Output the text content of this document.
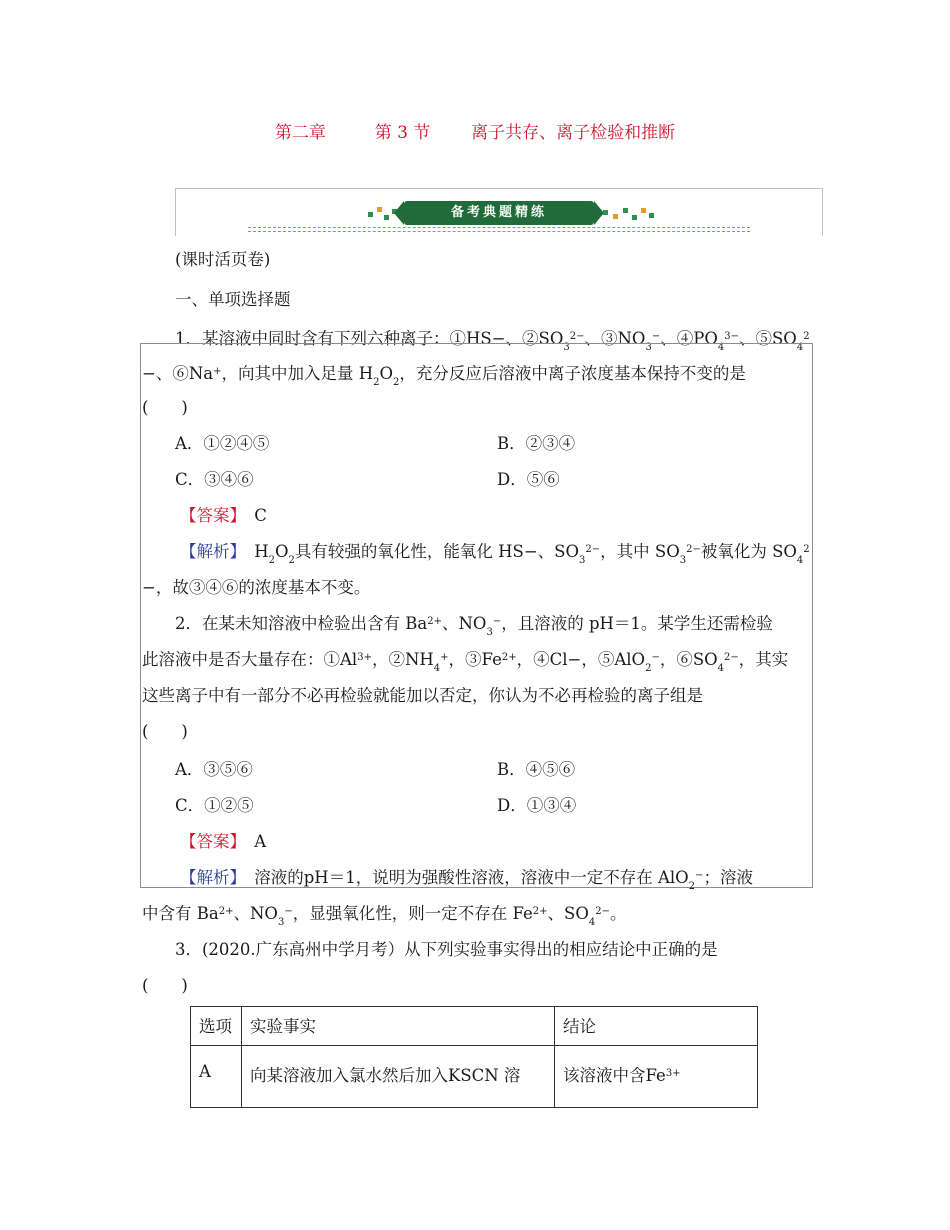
第二章	第 3 节 离子共存、离子检验和推断
备考典题精练
(课时活页卷)
一、单项选择题
1．某溶液中同时含有下列六种离子：①HS−、$②SO_3^{2-}$、$③NO_3^-$、$④PO_4^{3-}$、$⑤SO_4^2$
−、⑥Na+，向其中加入足量 $H_2O_2$，充分反应后溶液中离子浓度基本保持不变的是
(　　)
A．①②④⑤	B．②③④
C．③④⑥	D．⑤⑥
【答案】　 C
【解析】　 $H_2O_2$具有较强的氧化性，能氧化 HS−、$SO_3^{2-}$，其中 $SO_3^{2-}$被氧化为 $SO_4^2$
−，故③④⑥的浓度基本不变。
2．在某未知溶液中检验出含有 $Ba^{2+}$、$NO_3^-$，且溶液的 pH＝1。某学生还需检验
此溶液中是否大量存在：$①Al^{3+}$，$②NH_4^+$，$③Fe^{2+}$，④Cl−，⑤AlO$_2$−，$⑥SO_4^{2-}$，其实
这些离子中有一部分不必再检验就能加以否定，你认为不必再检验的离子组是
(　　)
A．③⑤⑥	B．④⑤⑥
C．①②⑤	D．①③④
【答案】　 A
【解析】　 溶液的pH＝1，说明为强酸性溶液，溶液中一定不存在 AlO$_2$−；溶液
中含有 $Ba^{2+}$、$NO_3^-$，显强氧化性，则一定不存在 $Fe^{2+}$、$SO_4^{2-}$。
3．(2020.广东高州中学月考）从下列实验事实得出的相应结论中正确的是
(　　)
选项	实验事实	结论
A	向某溶液加入氯水然后加入KSCN 溶	该溶液中含$Fe^{3+}$
